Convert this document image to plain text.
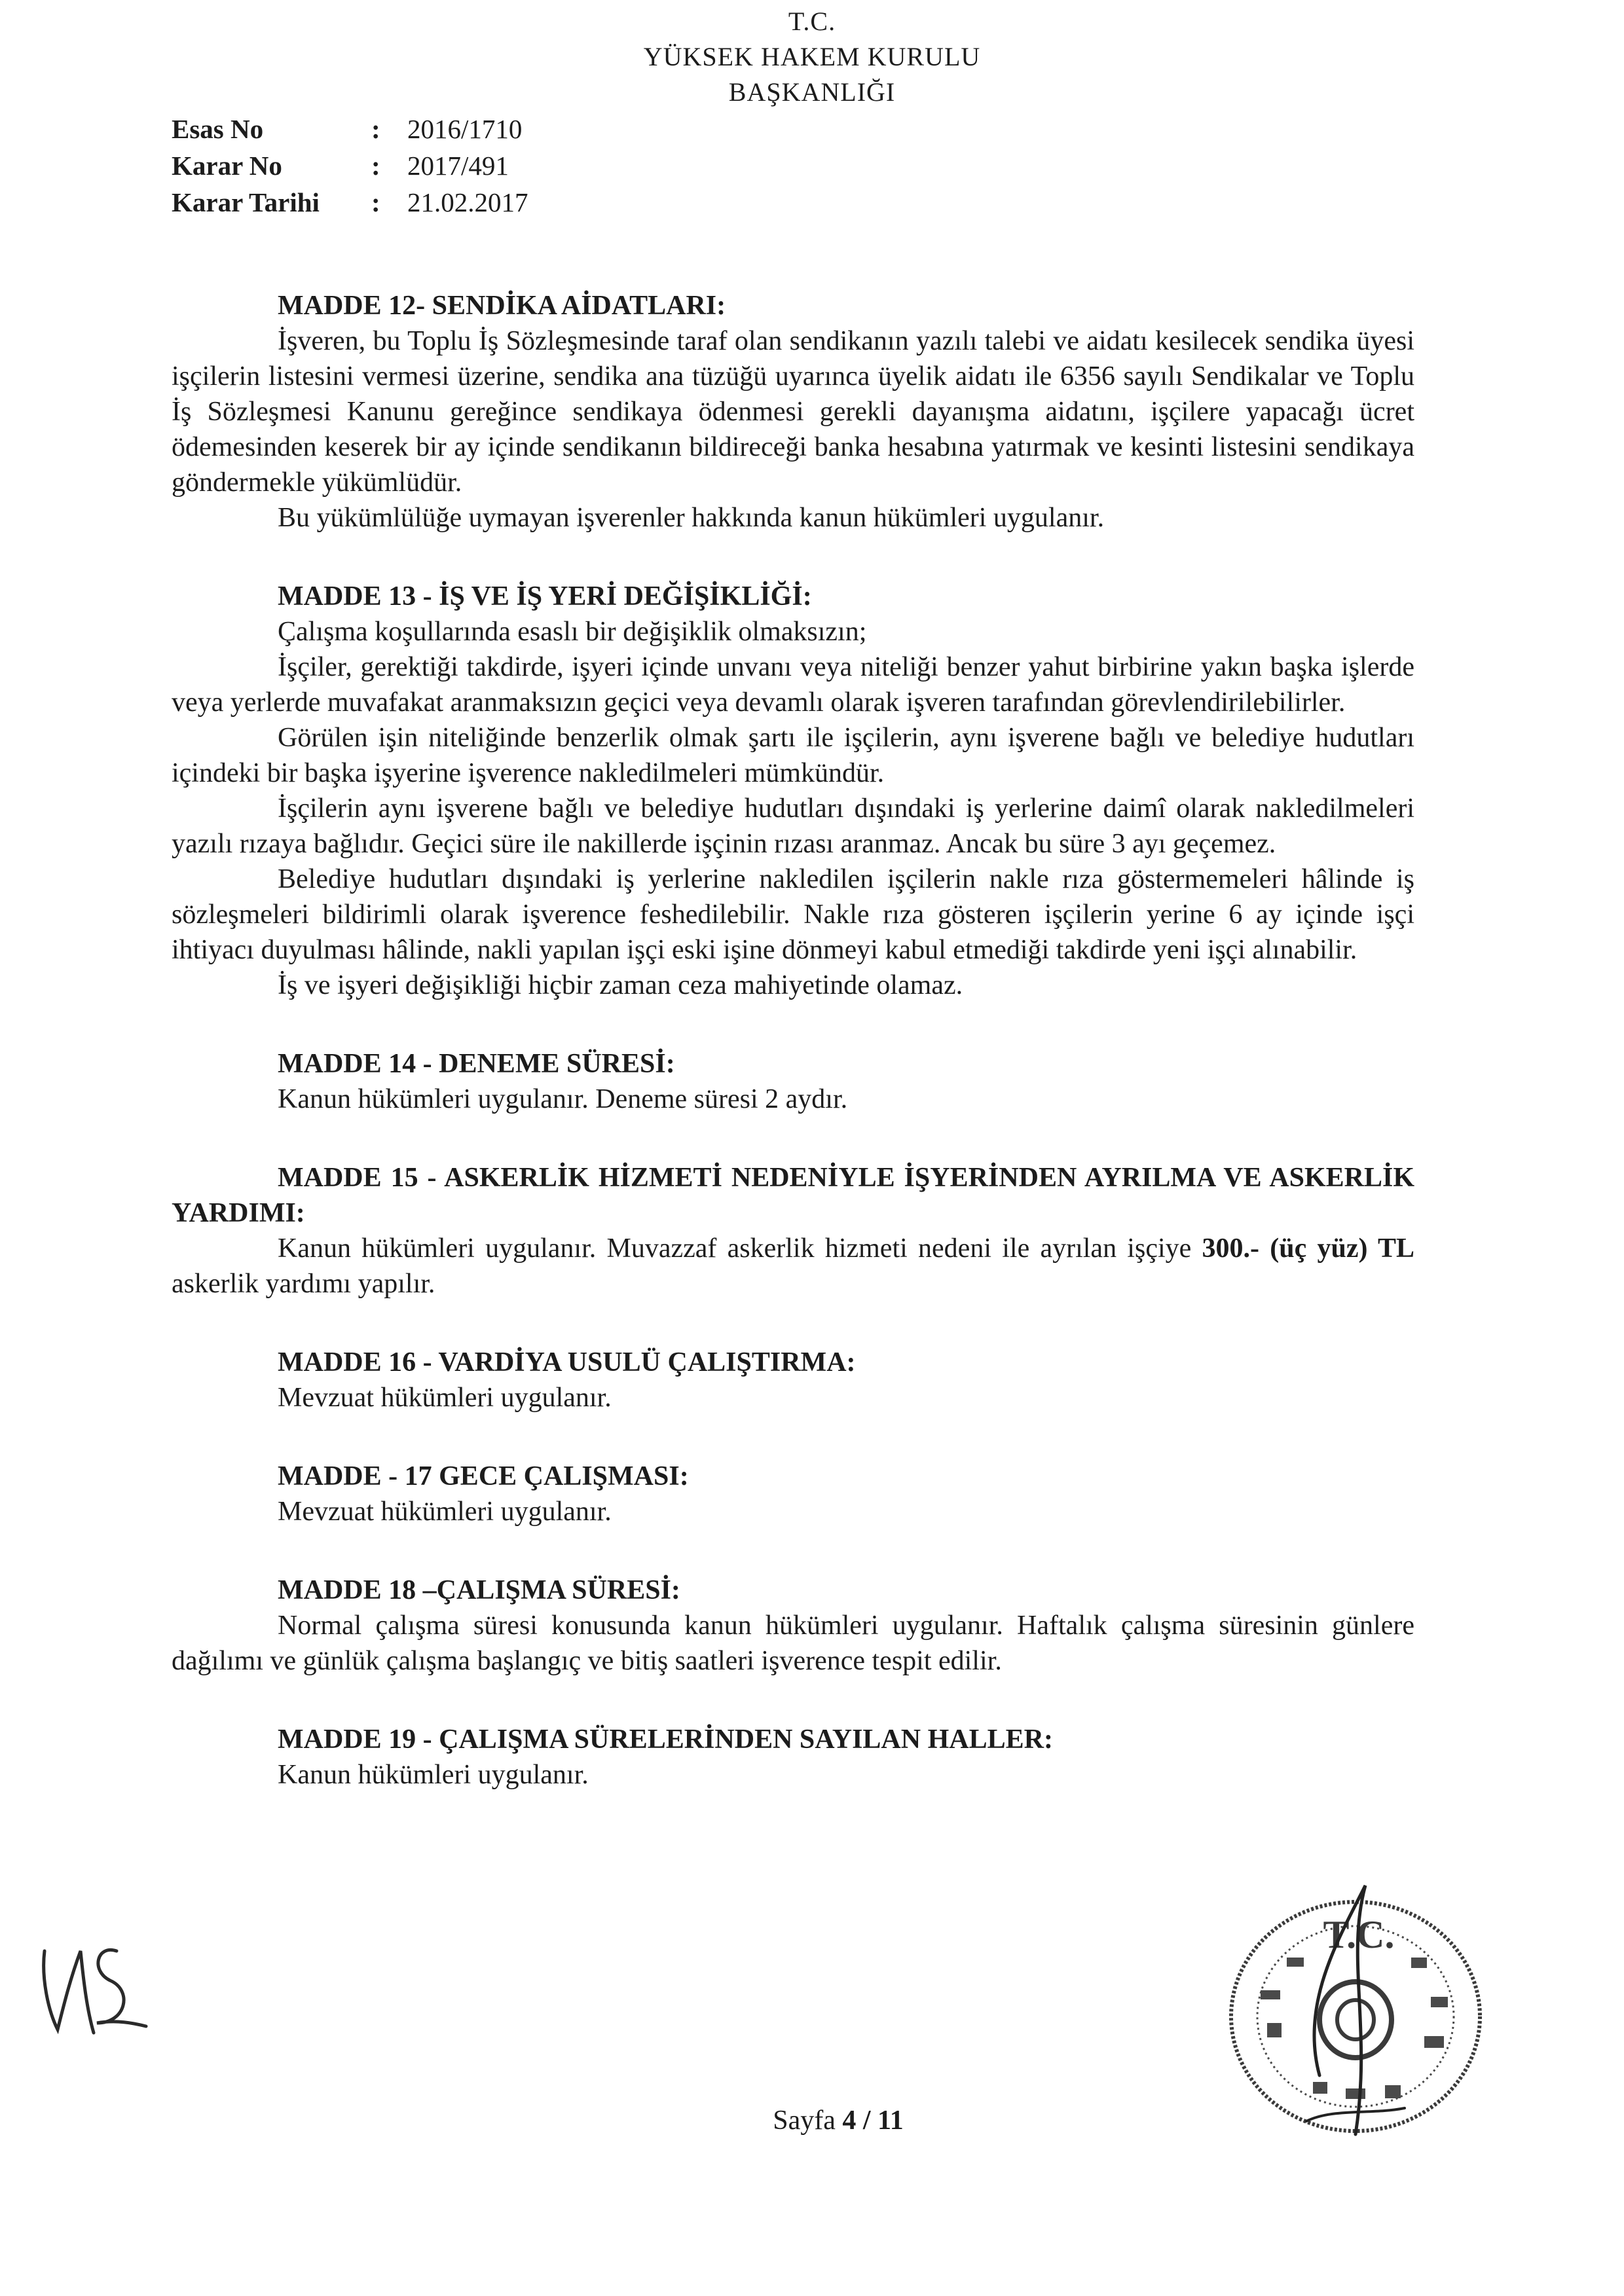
T.C.
YÜKSEK HAKEM KURULU
BAŞKANLIĞI
Esas No	:	2016/1710
Karar No	:	2017/491
Karar Tarihi	:	21.02.2017
MADDE 12- SENDİKA AİDATLARI:

İşveren, bu Toplu İş Sözleşmesinde taraf olan sendikanın yazılı talebi ve aidatı kesilecek sendika üyesi işçilerin listesini vermesi üzerine, sendika ana tüzüğü uyarınca üyelik aidatı ile 6356 sayılı Sendikalar ve Toplu İş Sözleşmesi Kanunu gereğince sendikaya ödenmesi gerekli dayanışma aidatını, işçilere yapacağı ücret ödemesinden keserek bir ay içinde sendikanın bildireceği banka hesabına yatırmak ve kesinti listesini sendikaya göndermekle yükümlüdür.

Bu yükümlülüğe uymayan işverenler hakkında kanun hükümleri uygulanır.

MADDE 13 - İŞ VE İŞ YERİ DEĞİŞİKLİĞİ:

Çalışma koşullarında esaslı bir değişiklik olmaksızın;

İşçiler, gerektiği takdirde, işyeri içinde unvanı veya niteliği benzer yahut birbirine yakın başka işlerde veya yerlerde muvafakat aranmaksızın geçici veya devamlı olarak işveren tarafından görevlendirilebilirler.

Görülen işin niteliğinde benzerlik olmak şartı ile işçilerin, aynı işverene bağlı ve belediye hudutları içindeki bir başka işyerine işverence nakledilmeleri mümkündür.

İşçilerin aynı işverene bağlı ve belediye hudutları dışındaki iş yerlerine daimî olarak nakledilmeleri yazılı rızaya bağlıdır. Geçici süre ile nakillerde işçinin rızası aranmaz. Ancak bu süre 3 ayı geçemez.

Belediye hudutları dışındaki iş yerlerine nakledilen işçilerin nakle rıza göstermemeleri hâlinde iş sözleşmeleri bildirimli olarak işverence feshedilebilir. Nakle rıza gösteren işçilerin yerine 6 ay içinde işçi ihtiyacı duyulması hâlinde, nakli yapılan işçi eski işine dönmeyi kabul etmediği takdirde yeni işçi alınabilir.

İş ve işyeri değişikliği hiçbir zaman ceza mahiyetinde olamaz.

MADDE 14 - DENEME SÜRESİ:

Kanun hükümleri uygulanır. Deneme süresi 2 aydır.

MADDE 15 - ASKERLİK HİZMETİ NEDENİYLE İŞYERİNDEN AYRILMA VE ASKERLİK YARDIMI:

Kanun hükümleri uygulanır. Muvazzaf askerlik hizmeti nedeni ile ayrılan işçiye 300.- (üç yüz) TL askerlik yardımı yapılır.

MADDE 16 - VARDİYA USULÜ ÇALIŞTIRMA:

Mevzuat hükümleri uygulanır.

MADDE - 17 GECE ÇALIŞMASI:

Mevzuat hükümleri uygulanır.

MADDE 18 –ÇALIŞMA SÜRESİ:

Normal çalışma süresi konusunda kanun hükümleri uygulanır. Haftalık çalışma süresinin günlere dağılımı ve günlük çalışma başlangıç ve bitiş saatleri işverence tespit edilir.

MADDE 19 - ÇALIŞMA SÜRELERİNDEN SAYILAN HALLER:

Kanun hükümleri uygulanır.

T.C.
Sayfa 4 / 11
